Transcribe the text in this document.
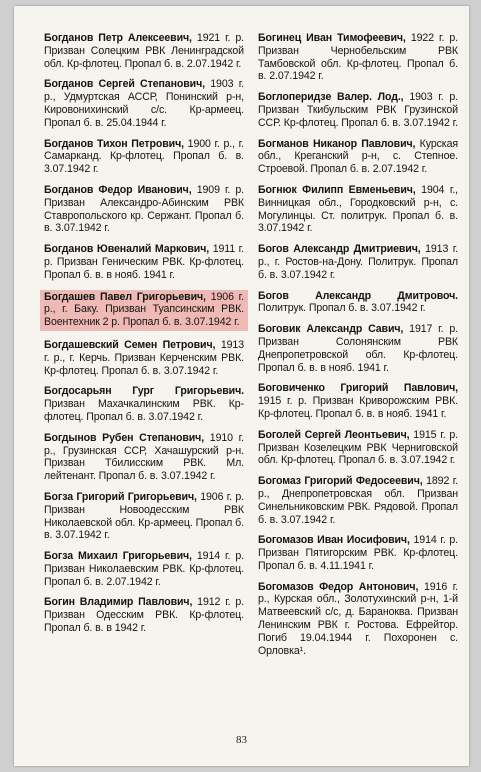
Богданов Петр Алексеевич, 1921 г. р. Призван Солецким РВК Ленинградской обл. Кр-флотец. Пропал б. в. 2.07.1942 г.
Богданов Сергей Степанович, 1903 г. р., Удмуртская АССР, Понинский р-н, Кировонихинский с/с. Кр-армеец. Пропал б. в. 25.04.1944 г.
Богданов Тихон Петрович, 1900 г. р., г. Самарканд. Кр-флотец. Пропал б. в. 3.07.1942 г.
Богданов Федор Иванович, 1909 г. р. Призван Александро-Абинским РВК Ставропольского кр. Сержант. Пропал б. в. 3.07.1942 г.
Богданов Ювеналий Маркович, 1911 г. р. Призван Геническим РВК. Кр-флотец. Пропал б. в. в нояб. 1941 г.
Богдашев Павел Григорьевич, 1906 г. р., г. Баку. Призван Туапсинским РВК. Воентехник 2 р. Пропал б. в. 3.07.1942 г.
Богдашевский Семен Петрович, 1913 г. р., г. Керчь. Призван Керченским РВК. Кр-флотец. Пропал б. в. 3.07.1942 г.
Богдосарьян Гург Григорьевич. Призван Махачкалинским РВК. Кр-флотец. Пропал б. в. 3.07.1942 г.
Богдынов Рубен Степанович, 1910 г. р., Грузинская ССР, Хачашурский р-н. Призван Тбилисским РВК. Мл. лейтенант. Пропал б. в. 3.07.1942 г.
Богза Григорий Григорьевич, 1906 г. р. Призван Новоодесским РВК Николаевской обл. Кр-армеец. Пропал б. в. 3.07.1942 г.
Богза Михаил Григорьевич, 1914 г. р. Призван Николаевским РВК. Кр-флотец. Пропал б. в. 2.07.1942 г.
Богин Владимир Павлович, 1912 г. р. Призван Одесским РВК. Кр-флотец. Пропал б. в. в 1942 г.
Богинец Иван Тимофеевич, 1922 г. р. Призван Чернобельским РВК Тамбовской обл. Кр-флотец. Пропал б. в. 2.07.1942 г.
Боглоперидзе Валер. Лод., 1903 г. р. Призван Ткибульским РВК Грузинской ССР. Кр-флотец. Пропал б. в. 3.07.1942 г.
Богманов Никанор Павлович, Курская обл., Креганский р-н, с. Степное. Строевой. Пропал б. в. 2.07.1942 г.
Богнюк Филипп Евменьевич, 1904 г., Винницкая обл., Городковский р-н, с. Могулинцы. Ст. политрук. Пропал б. в. 3.07.1942 г.
Богов Александр Дмитриевич, 1913 г. р., г. Ростов-на-Дону. Политрук. Пропал б. в. 3.07.1942 г.
Богов Александр Дмитровоч. Политрук. Пропал б. в. 3.07.1942 г.
Боговик Александр Савич, 1917 г. р. Призван Солонянским РВК Днепропетровской обл. Кр-флотец. Пропал б. в. в нояб. 1941 г.
Боговиченко Григорий Павлович, 1915 г. р. Призван Криворожским РВК. Кр-флотец. Пропал б. в. в нояб. 1941 г.
Боголей Сергей Леонтьевич, 1915 г. р. Призван Козелецким РВК Черниговской обл. Кр-флотец. Пропал б. в. 3.07.1942 г.
Богомаз Григорий Федосеевич, 1892 г. р., Днепропетровская обл. Призван Синельниковским РВК. Рядовой. Пропал б. в. 3.07.1942 г.
Богомазов Иван Иосифович, 1914 г. р. Призван Пятигорским РВК. Кр-флотец. Пропал б. в. 4.11.1941 г.
Богомазов Федор Антонович, 1916 г. р., Курская обл., Золотухинский р-н, 1-й Матвеевский с/с, д. Бараноква. Призван Ленинским РВК г. Ростова. Ефрейтор. Погиб 19.04.1944 г. Похоронен с. Орловка¹.
83
